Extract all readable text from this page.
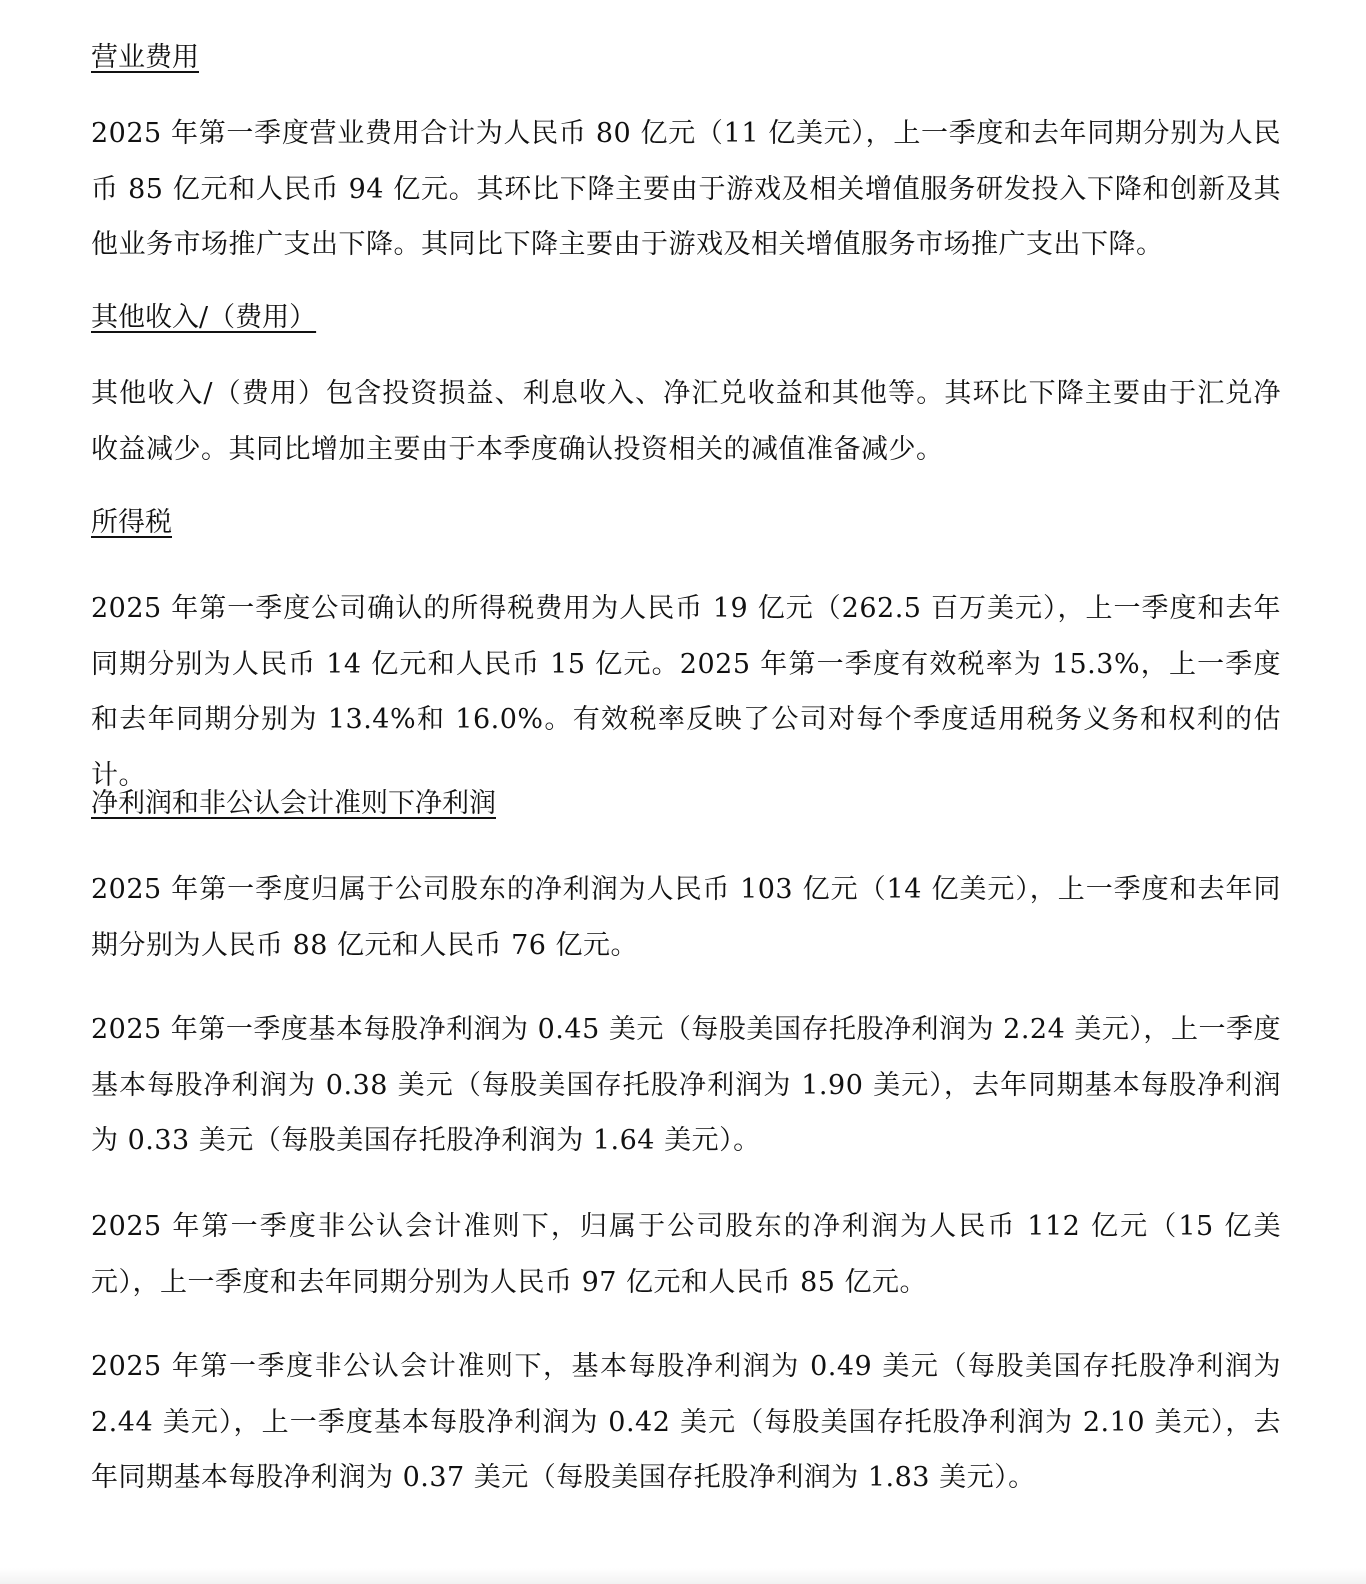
营业费用

2025 年第一季度营业费用合计为人民币 80 亿元（11 亿美元），上一季度和去年同期分别为人民币 85 亿元和人民币 94 亿元。其环比下降主要由于游戏及相关增值服务研发投入下降和创新及其他业务市场推广支出下降。其同比下降主要由于游戏及相关增值服务市场推广支出下降。

其他收入/（费用）

其他收入/（费用）包含投资损益、利息收入、净汇兑收益和其他等。其环比下降主要由于汇兑净收益减少。其同比增加主要由于本季度确认投资相关的减值准备减少。

所得税

2025 年第一季度公司确认的所得税费用为人民币 19 亿元（262.5 百万美元），上一季度和去年同期分别为人民币 14 亿元和人民币 15 亿元。2025 年第一季度有效税率为 15.3%，上一季度和去年同期分别为 13.4%和 16.0%。有效税率反映了公司对每个季度适用税务义务和权利的估计。

净利润和非公认会计准则下净利润

2025 年第一季度归属于公司股东的净利润为人民币 103 亿元（14 亿美元），上一季度和去年同期分别为人民币 88 亿元和人民币 76 亿元。

2025 年第一季度基本每股净利润为 0.45 美元（每股美国存托股净利润为 2.24 美元），上一季度基本每股净利润为 0.38 美元（每股美国存托股净利润为 1.90 美元），去年同期基本每股净利润为 0.33 美元（每股美国存托股净利润为 1.64 美元）。

2025 年第一季度非公认会计准则下，归属于公司股东的净利润为人民币 112 亿元（15 亿美元），上一季度和去年同期分别为人民币 97 亿元和人民币 85 亿元。

2025 年第一季度非公认会计准则下，基本每股净利润为 0.49 美元（每股美国存托股净利润为 2.44 美元），上一季度基本每股净利润为 0.42 美元（每股美国存托股净利润为 2.10 美元），去年同期基本每股净利润为 0.37 美元（每股美国存托股净利润为 1.83 美元）。
